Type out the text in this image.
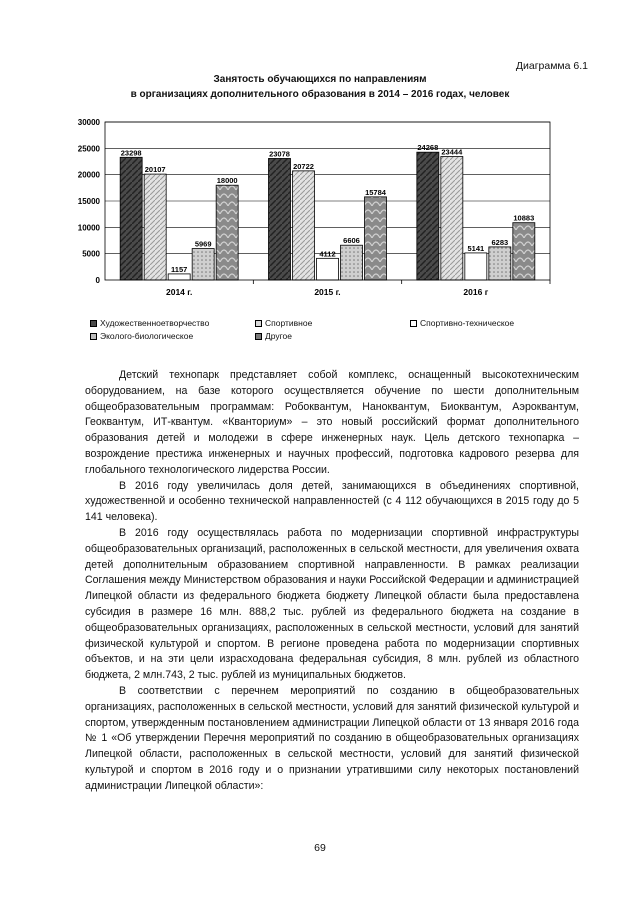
Диаграмма 6.1
Занятость обучающихся по направлениям
в организациях дополнительного образования в 2014 – 2016 годах, человек
0
5000
10000
15000
20000
25000
30000
23298
20107
1157
5969
18000
2014 г.
23078
20722
4112
6606
15784
2015 г.
24268 23444
5141
6283
10883
2016 г
Художественноетворчество	Спортивное	Спортивно-техническое
Эколого-биологическое	Другое

Детский технопарк представляет собой комплекс, оснащенный высокотехническим оборудованием, на базе которого осуществляется обучение по шести дополнительным общеобразовательным программам: Робоквантум, Наноквантум, Биоквантум, Аэроквантум, Геоквантум, ИТ-квантум. «Кванториум» – это новый российский формат дополнительного образования детей и молодежи в сфере инженерных наук. Цель детского технопарка – возрождение престижа инженерных и научных профессий, подготовка кадрового резерва для глобального технологического лидерства России.

В 2016 году увеличилась доля детей, занимающихся в объединениях спортивной, художественной и особенно технической направленностей (с 4 112 обучающихся в 2015 году до 5 141 человека).

В 2016 году осуществлялась работа по модернизации спортивной инфраструктуры общеобразовательных организаций, расположенных в сельской местности, для увеличения охвата детей дополнительным образованием спортивной направленности. В рамках реализации Соглашения между Министерством образования и науки Российской Федерации и администрацией Липецкой области из федерального бюджета бюджету Липецкой области была предоставлена субсидия в размере 16 млн. 888,2 тыс. рублей из федерального бюджета на создание в общеобразовательных организациях, расположенных в сельской местности, условий для занятий физической культурой и спортом. В регионе проведена работа по модернизации спортивных объектов, и на эти цели израсходована федеральная субсидия, 8 млн. рублей из областного бюджета, 2 млн.743, 2 тыс. рублей из муниципальных бюджетов.

В соответствии с перечнем мероприятий по созданию в общеобразовательных организациях, расположенных в сельской местности, условий для занятий физической культурой и спортом, утвержденным постановлением администрации Липецкой области от 13 января 2016 года № 1 «Об утверждении Перечня мероприятий по созданию в общеобразовательных организациях Липецкой области, расположенных в сельской местности, условий для занятий физической культурой и спортом в 2016 году и о признании утратившими силу некоторых постановлений администрации Липецкой области»:

69
